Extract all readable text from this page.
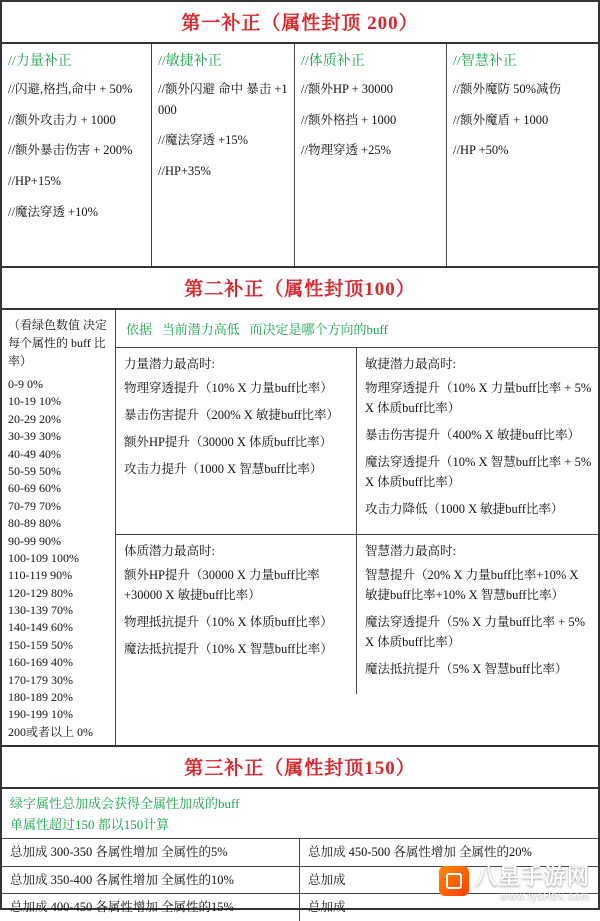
第一补正（属性封顶 200）
//力量补正
//闪避,格挡,命中 + 50%
//额外攻击力 + 1000
//额外暴击伤害 + 200%
//HP+15%
//魔法穿透 +10%
//敏捷补正
//额外闪避 命中 暴击 +1000
//魔法穿透 +15%
//HP+35%
//体质补正
//额外HP + 30000
//额外格挡 + 1000
//物理穿透 +25%
//智慧补正
//额外魔防 50%减伤
//额外魔盾 + 1000
//HP +50%
第二补正（属性封顶100）
（看绿色数值 决定每个属性的 buff 比率）
0-9 0%
10-19 10%
20-29 20%
30-39 30%
40-49 40%
50-59 50%
60-69 60%
70-79 70%
80-89 80%
90-99 90%
100-109 100%
110-119 90%
120-129 80%
130-139 70%
140-149 60%
150-159 50%
160-169 40%
170-179 30%
180-189 20%
190-199 10%
200或者以上 0%
依据   当前潜力高低   而决定是哪个方向的buff
力量潜力最高时:
物理穿透提升（10% X 力量buff比率）
暴击伤害提升（200% X 敏捷buff比率）
额外HP提升（30000 X 体质buff比率）
攻击力提升（1000 X 智慧buff比率）
敏捷潜力最高时:
物理穿透提升（10% X 力量buff比率 + 5% X 体质buff比率）
暴击伤害提升（400% X 敏捷buff比率）
魔法穿透提升（10% X 智慧buff比率 + 5% X 体质buff比率）
攻击力降低（1000 X 敏捷buff比率）
体质潜力最高时:
额外HP提升（30000 X 力量buff比率+30000 X 敏捷buff比率）
物理抵抗提升（10% X 体质buff比率）
魔法抵抗提升（10% X 智慧buff比率）
智慧潜力最高时:
智慧提升（20% X 力量buff比率+10% X 敏捷buff比率+10% X 智慧buff比率）
魔法穿透提升（5% X 力量buff比率 + 5% X 体质buff比率）
魔法抵抗提升（5% X 智慧buff比率）
第三补正（属性封顶150）
绿字属性总加成会获得全属性加成的buff
单属性超过150 都以150计算
总加成 300-350 各属性增加 全属性的5%
总加成 350-400 各属性增加 全属性的10%
总加成 400-450 各属性增加 全属性的15%
总加成 450-500 各属性增加 全属性的20%
总加成
总加成
八星手游网
www.lysHbx.com
